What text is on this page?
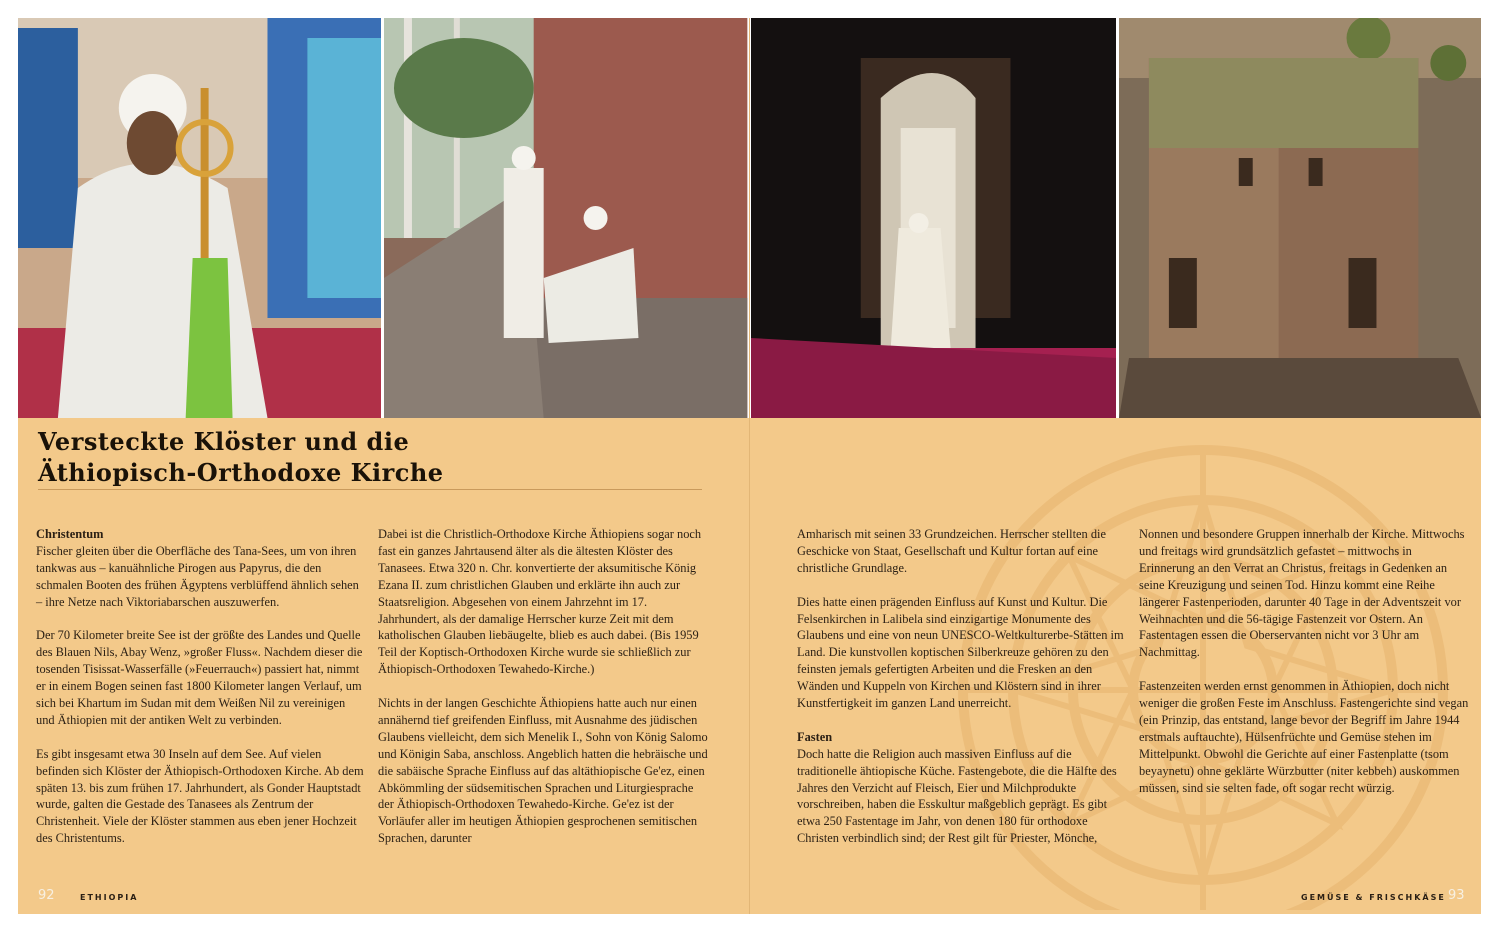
Versteckte Klöster und die
Äthiopisch-Orthodoxe Kirche
Christentum

Fischer gleiten über die Oberfläche des Tana-Sees, um von ihren tankwas aus – kanuähnliche Pirogen aus Papyrus, die den schmalen Booten des frühen Ägyptens verblüffend ähnlich sehen – ihre Netze nach Viktoriabarschen auszuwerfen.

Der 70 Kilometer breite See ist der größte des Landes und Quelle des Blauen Nils, Abay Wenz, »großer Fluss«. Nachdem dieser die tosenden Tisissat-Wasserfälle (»Feuerrauch«) passiert hat, nimmt er in einem Bogen seinen fast 1800 Kilometer langen Verlauf, um sich bei Khartum im Sudan mit dem Weißen Nil zu vereinigen und Äthiopien mit der antiken Welt zu verbinden.

Es gibt insgesamt etwa 30 Inseln auf dem See. Auf vielen befinden sich Klöster der Äthiopisch-Orthodoxen Kirche. Ab dem späten 13. bis zum frühen 17. Jahrhundert, als Gonder Hauptstadt wurde, galten die Gestade des Tanasees als Zentrum der Christenheit. Viele der Klöster stammen aus eben jener Hochzeit des Christentums.

Dabei ist die Christlich-Orthodoxe Kirche Äthiopiens sogar noch fast ein ganzes Jahrtausend älter als die ältesten Klöster des Tanasees. Etwa 320 n. Chr. konvertierte der aksumitische König Ezana II. zum christlichen Glauben und erklärte ihn auch zur Staatsreligion. Abgesehen von einem Jahrzehnt im 17. Jahrhundert, als der damalige Herrscher kurze Zeit mit dem katholischen Glauben liebäugelte, blieb es auch dabei. (Bis 1959 Teil der Koptisch-Orthodoxen Kirche wurde sie schließlich zur Äthiopisch-Orthodoxen Tewahedo-Kirche.)

Nichts in der langen Geschichte Äthiopiens hatte auch nur einen annähernd tief greifenden Einfluss, mit Ausnahme des jüdischen Glaubens vielleicht, dem sich Menelik I., Sohn von König Salomo und Königin Saba, anschloss. Angeblich hatten die hebräische und die sabäische Sprache Einfluss auf das altäthiopische Ge'ez, einen Abkömmling der südsemitischen Sprachen und Liturgiesprache der Äthiopisch-Orthodoxen Tewahedo-Kirche. Ge'ez ist der Vorläufer aller im heutigen Äthiopien gesprochenen semitischen Sprachen, darunter

Amharisch mit seinen 33 Grundzeichen. Herrscher stellten die Geschicke von Staat, Gesellschaft und Kultur fortan auf eine christliche Grundlage.

Dies hatte einen prägenden Einfluss auf Kunst und Kultur. Die Felsenkirchen in Lalibela sind einzigartige Monumente des Glaubens und eine von neun UNESCO-Weltkulturerbe-Stätten im Land. Die kunstvollen koptischen Silberkreuze gehören zu den feinsten jemals gefertigten Arbeiten und die Fresken an den Wänden und Kuppeln von Kirchen und Klöstern sind in ihrer Kunstfertigkeit im ganzen Land unerreicht.

Fasten

Doch hatte die Religion auch massiven Einfluss auf die traditionelle ähtiopische Küche. Fastengebote, die die Hälfte des Jahres den Verzicht auf Fleisch, Eier und Milchprodukte vorschreiben, haben die Esskultur maßgeblich geprägt. Es gibt etwa 250 Fastentage im Jahr, von denen 180 für orthodoxe Christen verbindlich sind; der Rest gilt für Priester, Mönche,

Nonnen und besondere Gruppen innerhalb der Kirche. Mittwochs und freitags wird grundsätzlich gefastet – mittwochs in Erinnerung an den Verrat an Christus, freitags in Gedenken an seine Kreuzigung und seinen Tod. Hinzu kommt eine Reihe längerer Fastenperioden, darunter 40 Tage in der Adventszeit vor Weihnachten und die 56-tägige Fastenzeit vor Ostern. An Fastentagen essen die Oberservanten nicht vor 3 Uhr am Nachmittag.

Fastenzeiten werden ernst genommen in Äthiopien, doch nicht weniger die großen Feste im Anschluss. Fastengerichte sind vegan (ein Prinzip, das entstand, lange bevor der Begriff im Jahre 1944 erstmals auftauchte), Hülsenfrüchte und Gemüse stehen im Mittelpunkt. Obwohl die Gerichte auf einer Fastenplatte (tsom beyaynetu) ohne geklärte Würzbutter (niter kebbeh) auskommen müssen, sind sie selten fade, oft sogar recht würzig.

92	ETHIOPIA	GEMÜSE & FRISCHKÄSE 93
